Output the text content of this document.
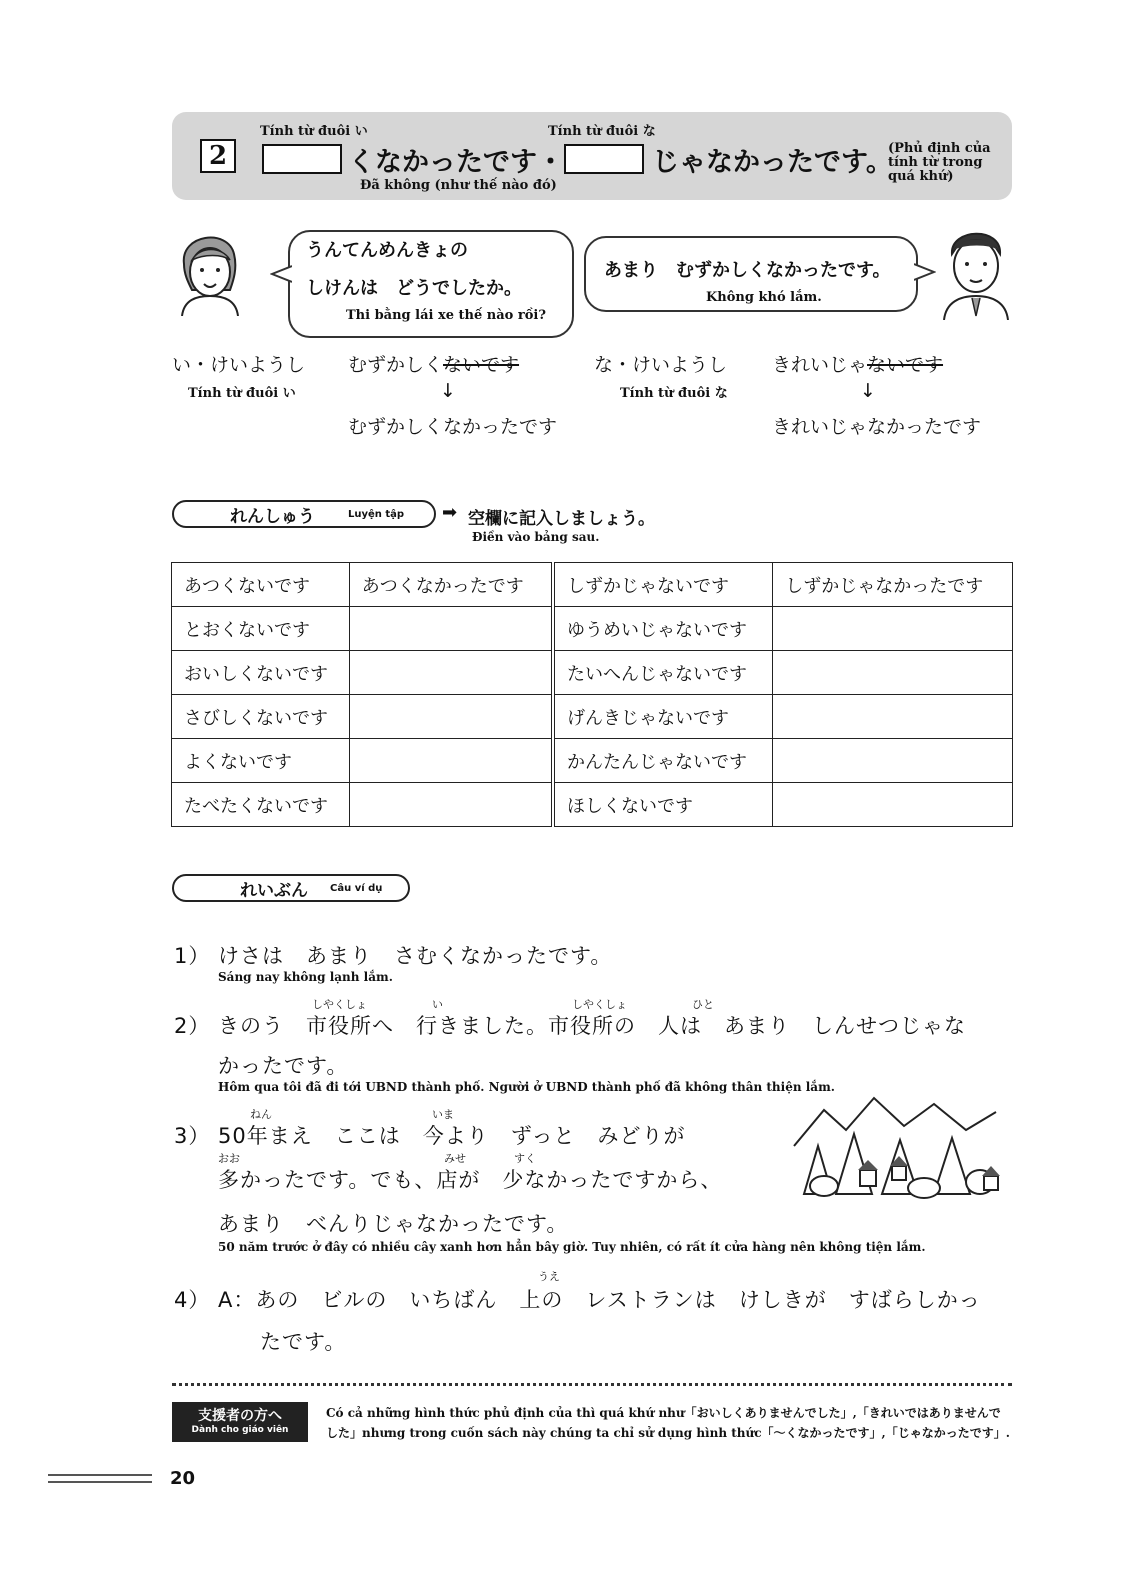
2
Tính từ đuôi い
くなかったです・
Tính từ đuôi な
じゃなかったです。
Đã không (như thế nào đó)
(Phủ định của
tính từ trong
quá khứ)
うんてんめんきょの
しけんは　どうでしたか。
Thi bằng lái xe thế nào rồi?
あまり　むずかしくなかったです。
Không khó lắm.
い・けいようし
Tính từ đuôi い
むずかしくないです
↓
むずかしくなかったです
な・けいようし
Tính từ đuôi な
きれいじゃないです
↓
きれいじゃなかったです
れんしゅう	Luyện tập ➡ 空欄に記入しましょう。
Điền vào bảng sau.
あつくないです	あつくなかったです	しずかじゃないです	しずかじゃなかったです
とおくないです		ゆうめいじゃないです	
おいしくないです		たいへんじゃないです	
さびしくないです		げんきじゃないです	
よくないです		かんたんじゃないです	
たべたくないです		ほしくないです	
れいぶん Câu ví dụ
1） けさは　あまり　さむくなかったです。
Sáng nay không lạnh lắm.
しやくしょ	い	しやくしょ	ひと
2） きのう　市役所へ　行きました。市役所の　人は　あまり　しんせつじゃな
かったです。
Hôm qua tôi đã đi tới UBND thành phố. Người ở UBND thành phố đã không thân thiện lắm.
ねん	いま
3） 50年まえ　ここは　今より　ずっと　みどりが
おお	みせ	すく
多かったです。でも、店が　少なかったですから、
あまり　べんりじゃなかったです。
50 năm trước ở đây có nhiều cây xanh hơn hẳn bây giờ. Tuy nhiên, có rất ít cửa hàng nên không tiện lắm.
うえ
4） A：あの　ビルの　いちばん　上の　レストランは　けしきが　すばらしかっ
たです。
支援者の方へ
Dành cho giáo viên
Có cả những hình thức phủ định của thì quá khứ như「おいしくありませんでした」,「きれいではありませんで
した」nhưng trong cuốn sách này chúng ta chỉ sử dụng hình thức「～くなかったです」,「じゃなかったです」.
20
